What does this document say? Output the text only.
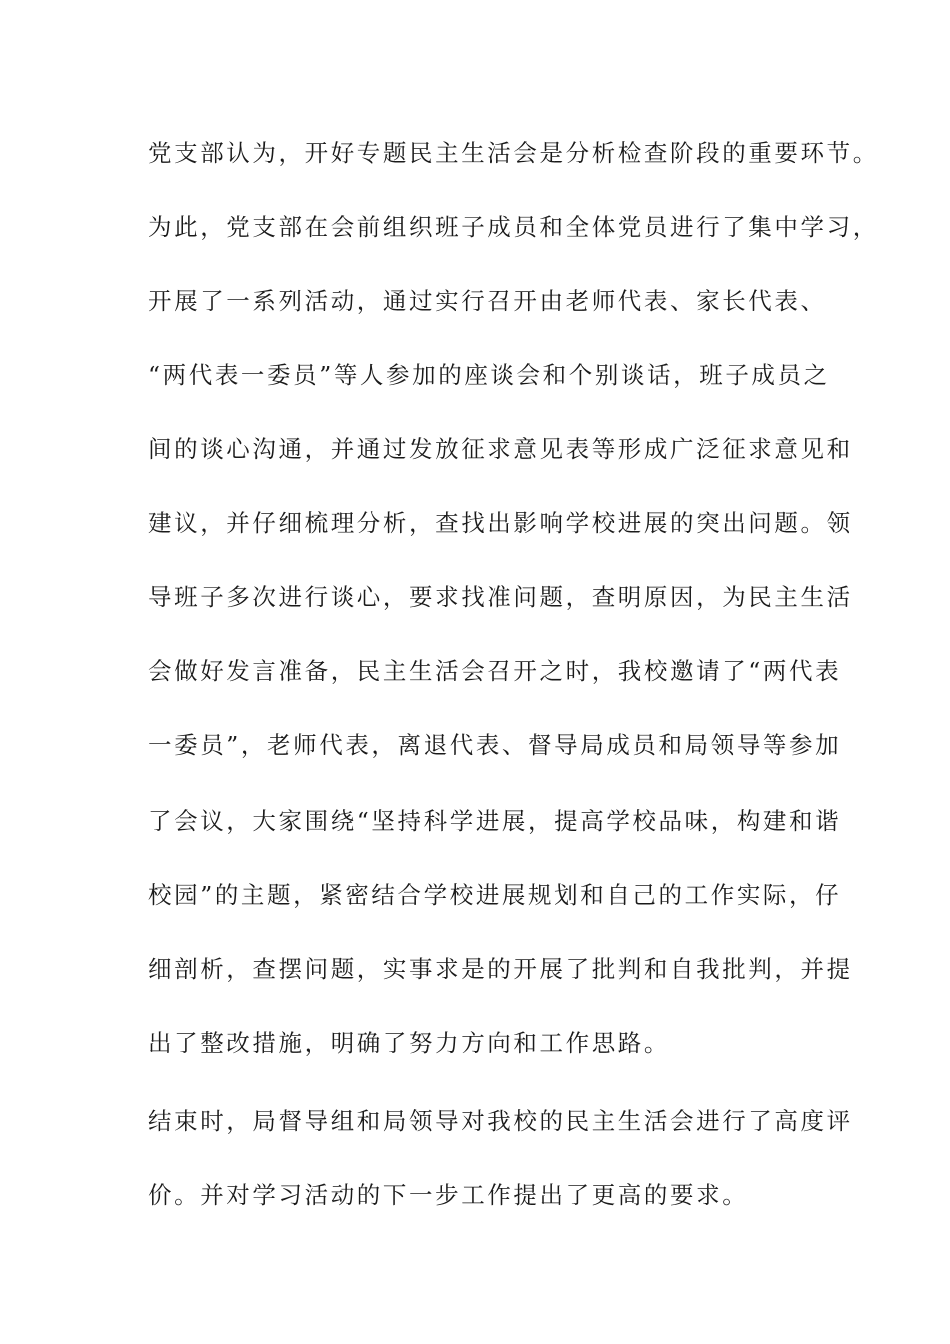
党支部认为，开好专题民主生活会是分析检查阶段的重要环节。
为此，党支部在会前组织班子成员和全体党员进行了集中学习，
开展了一系列活动，通过实行召开由老师代表、家长代表、
“两代表一委员”等人参加的座谈会和个别谈话，班子成员之
间的谈心沟通，并通过发放征求意见表等形成广泛征求意见和
建议，并仔细梳理分析，查找出影响学校进展的突出问题。领
导班子多次进行谈心，要求找准问题，查明原因，为民主生活
会做好发言准备，民主生活会召开之时，我校邀请了“两代表
一委员”，老师代表，离退代表、督导局成员和局领导等参加
了会议，大家围绕“坚持科学进展，提高学校品味，构建和谐
校园”的主题，紧密结合学校进展规划和自己的工作实际，仔
细剖析，查摆问题，实事求是的开展了批判和自我批判，并提
出了整改措施，明确了努力方向和工作思路。
结束时，局督导组和局领导对我校的民主生活会进行了高度评
价。并对学习活动的下一步工作提出了更高的要求。
